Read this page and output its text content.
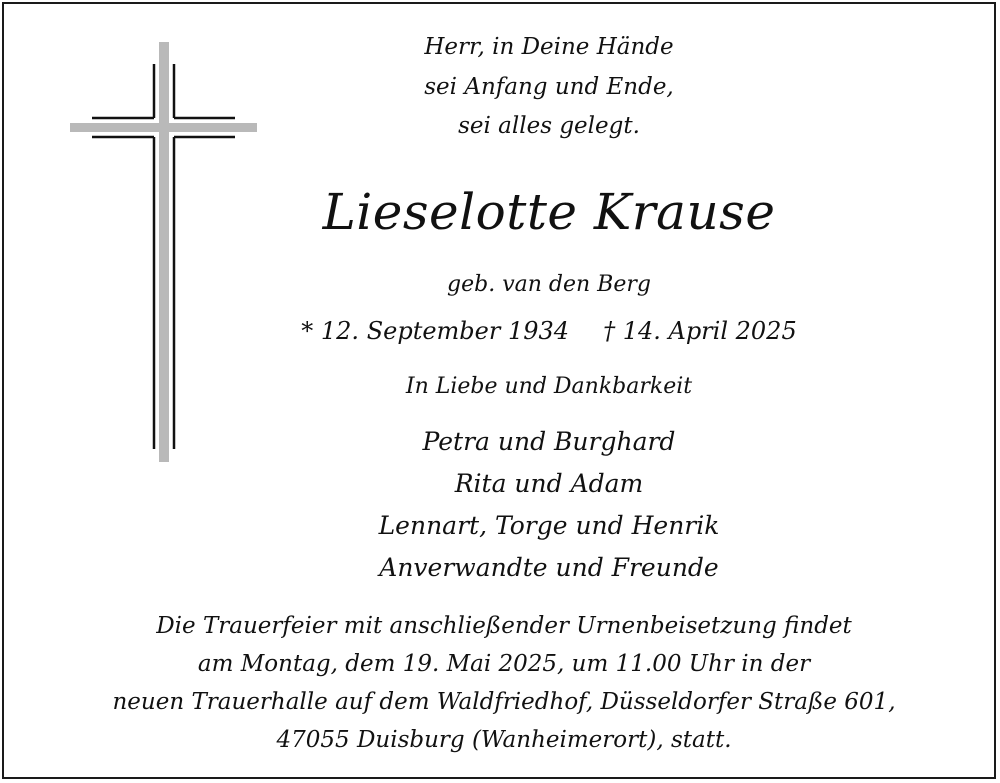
Herr, in Deine Hände
sei Anfang und Ende,
sei alles gelegt.
Lieselotte Krause
geb. van den Berg
* 12. September 1934 † 14. April 2025
In Liebe und Dankbarkeit
Petra und Burghard
Rita und Adam
Lennart, Torge und Henrik
Anverwandte und Freunde
Die Trauerfeier mit anschließender Urnenbeisetzung findet
am Montag, dem 19. Mai 2025, um 11.00 Uhr in der
neuen Trauerhalle auf dem Waldfriedhof, Düsseldorfer Straße 601,
47055 Duisburg (Wanheimerort), statt.
